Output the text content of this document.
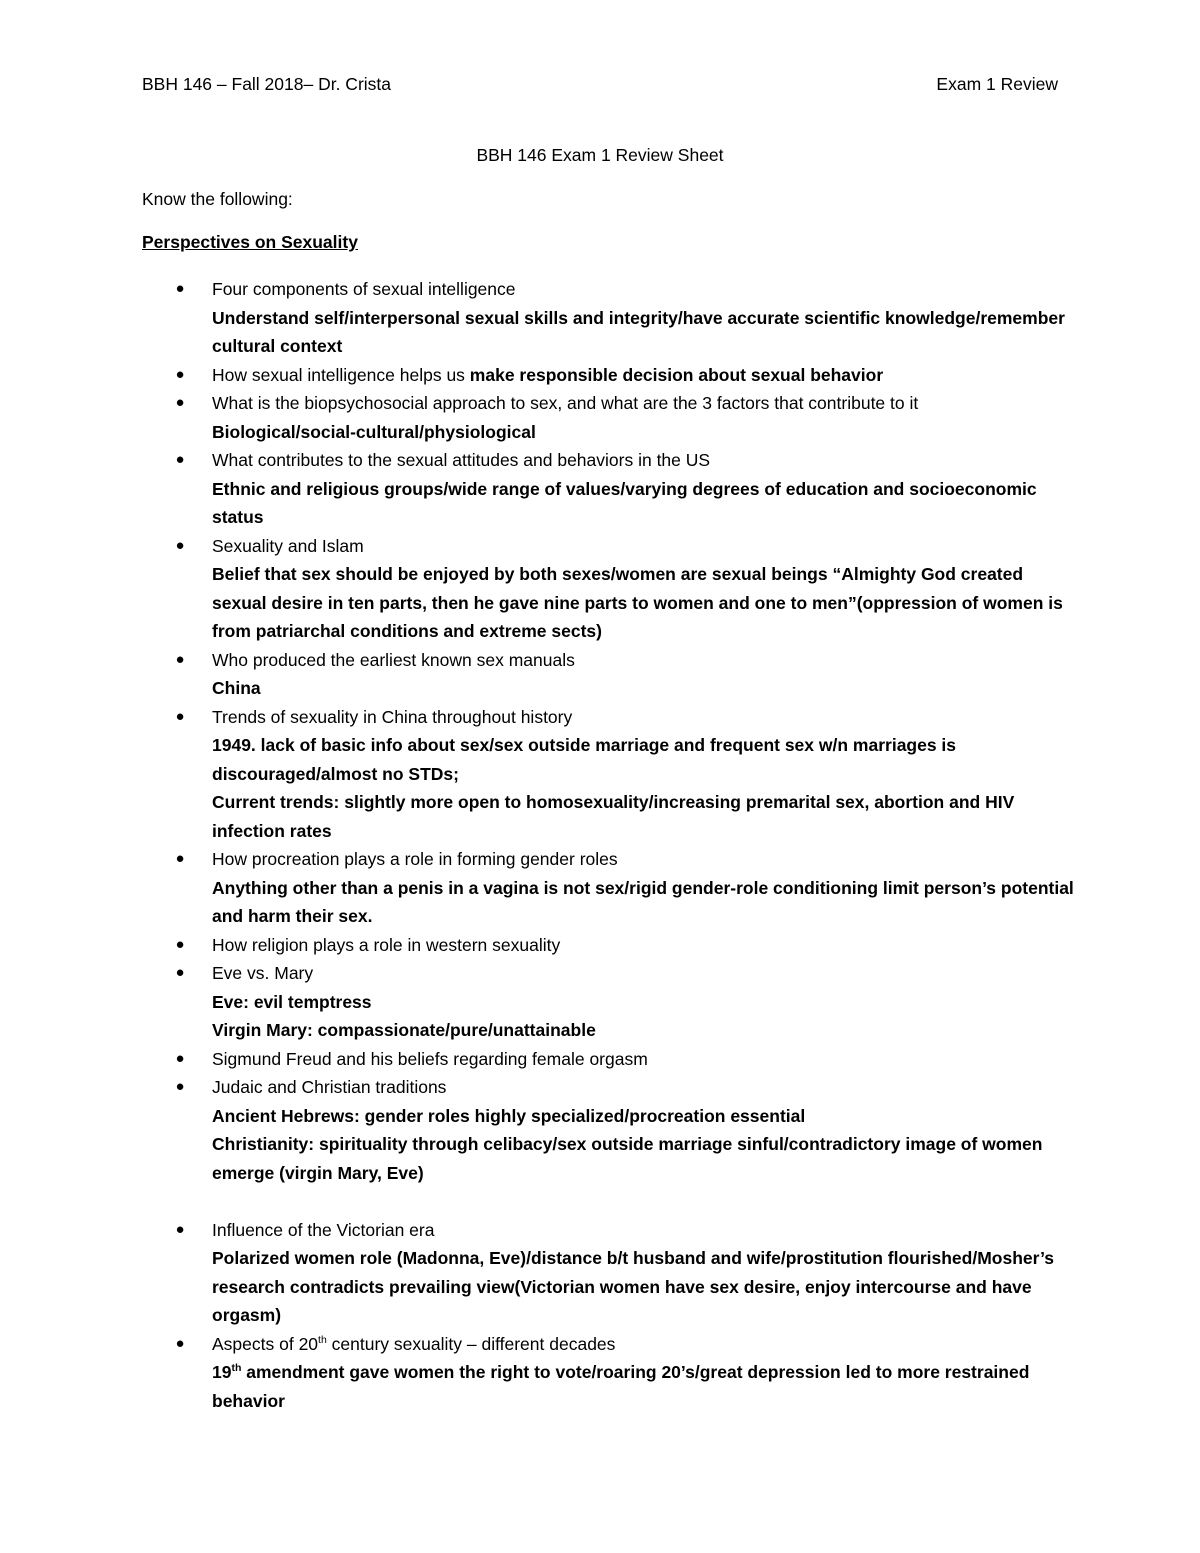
BBH 146 – Fall 2018– Dr. Crista	Exam 1 Review
BBH 146 Exam 1 Review Sheet
Know the following:
Perspectives on Sexuality
● Four components of sexual intelligence
Understand self/interpersonal sexual skills and integrity/have accurate scientific knowledge/remember cultural context
● How sexual intelligence helps us make responsible decision about sexual behavior
● What is the biopsychosocial approach to sex, and what are the 3 factors that contribute to it
Biological/social-cultural/physiological
● What contributes to the sexual attitudes and behaviors in the US
Ethnic and religious groups/wide range of values/varying degrees of education and socioeconomic status
● Sexuality and Islam
Belief that sex should be enjoyed by both sexes/women are sexual beings “Almighty God created sexual desire in ten parts, then he gave nine parts to women and one to men”(oppression of women is from patriarchal conditions and extreme sects)
● Who produced the earliest known sex manuals
China
● Trends of sexuality in China throughout history
1949. lack of basic info about sex/sex outside marriage and frequent sex w/n marriages is discouraged/almost no STDs;
Current trends: slightly more open to homosexuality/increasing premarital sex, abortion and HIV infection rates
● How procreation plays a role in forming gender roles
Anything other than a penis in a vagina is not sex/rigid gender-role conditioning limit person’s potential and harm their sex.
● How religion plays a role in western sexuality
● Eve vs. Mary
Eve: evil temptress
Virgin Mary: compassionate/pure/unattainable
● Sigmund Freud and his beliefs regarding female orgasm
● Judaic and Christian traditions
Ancient Hebrews: gender roles highly specialized/procreation essential
Christianity: spirituality through celibacy/sex outside marriage sinful/contradictory image of women emerge (virgin Mary, Eve)
● Influence of the Victorian era
Polarized women role (Madonna, Eve)/distance b/t husband and wife/prostitution flourished/Mosher’s research contradicts prevailing view(Victorian women have sex desire, enjoy intercourse and have orgasm)
● Aspects of 20th century sexuality – different decades
19th amendment gave women the right to vote/roaring 20’s/great depression led to more restrained behavior
